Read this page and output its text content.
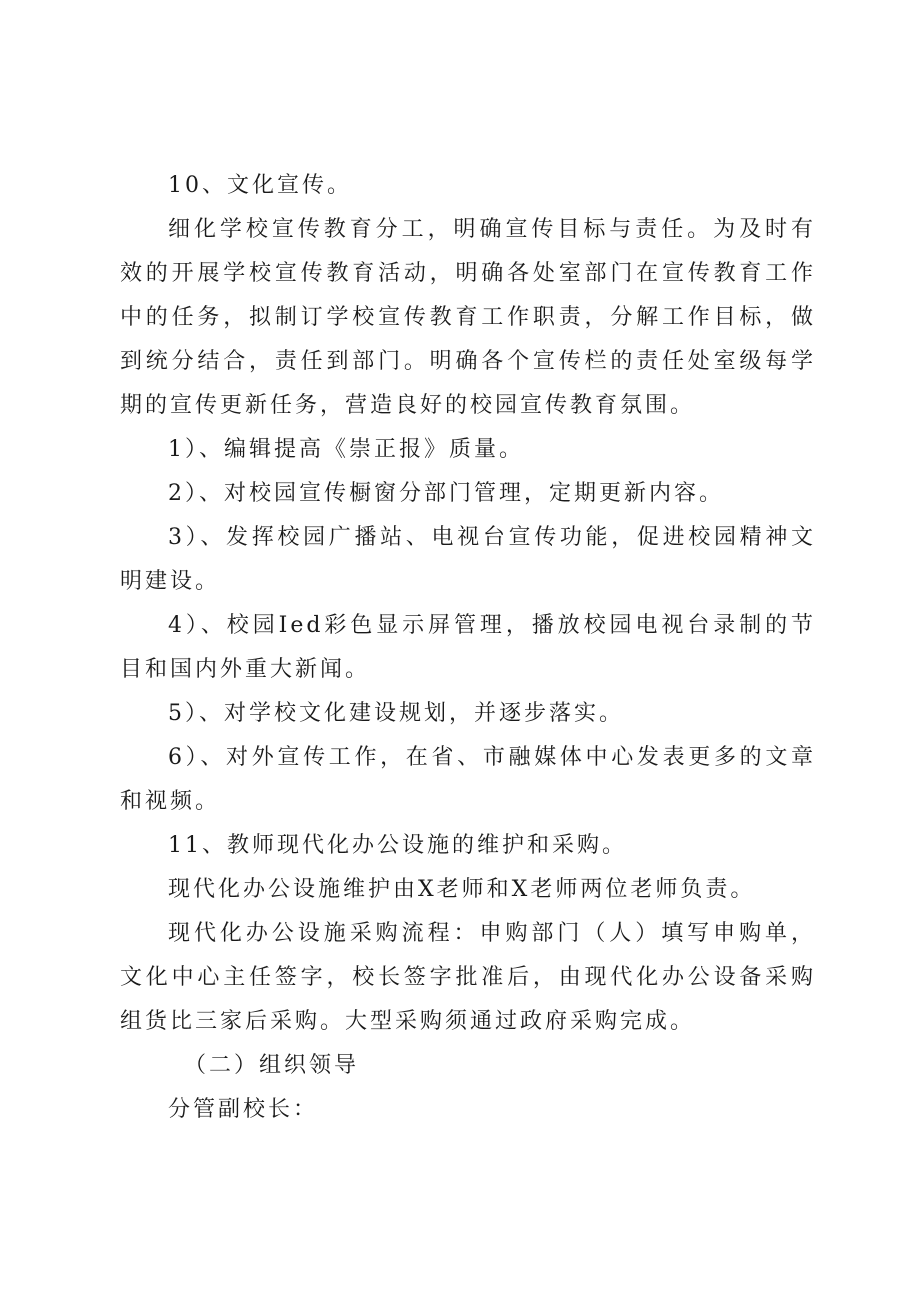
10、文化宣传。

细化学校宣传教育分工，明确宣传目标与责任。为及时有效的开展学校宣传教育活动，明确各处室部门在宣传教育工作中的任务，拟制订学校宣传教育工作职责，分解工作目标，做到统分结合，责任到部门。明确各个宣传栏的责任处室级每学期的宣传更新任务，营造良好的校园宣传教育氛围。

1）、编辑提高《崇正报》质量。

2）、对校园宣传橱窗分部门管理，定期更新内容。

3）、发挥校园广播站、电视台宣传功能，促进校园精神文明建设。

4）、校园Ied彩色显示屏管理，播放校园电视台录制的节目和国内外重大新闻。

5）、对学校文化建设规划，并逐步落实。

6）、对外宣传工作，在省、市融媒体中心发表更多的文章和视频。

11、教师现代化办公设施的维护和采购。

现代化办公设施维护由X老师和X老师两位老师负责。

现代化办公设施采购流程：申购部门（人）填写申购单，文化中心主任签字，校长签字批准后，由现代化办公设备采购组货比三家后采购。大型采购须通过政府采购完成。

（二）组织领导

分管副校长：
